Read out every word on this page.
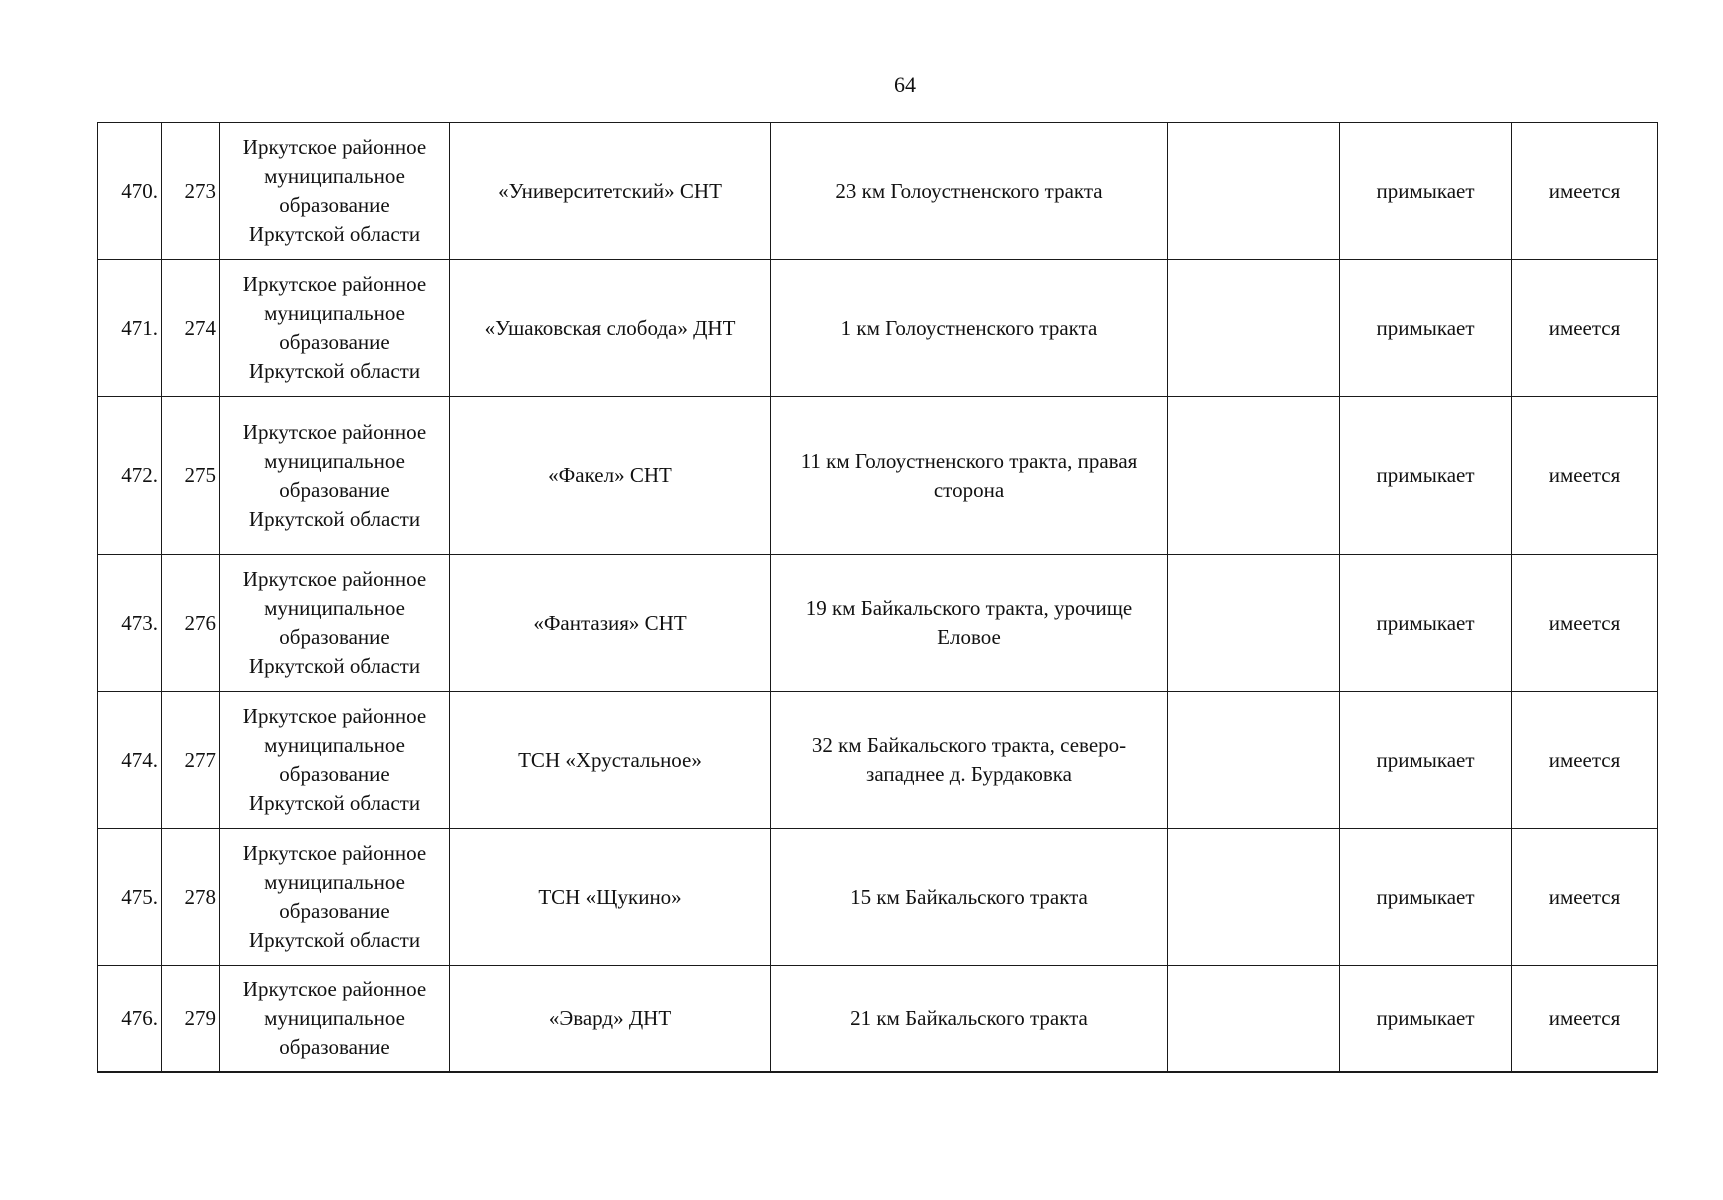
64
470.	273	Иркутское районное
муниципальное
образование
Иркутской области	«Университетский» СНТ	23 км Голоустненского тракта		примыкает	имеется
471.	274	Иркутское районное
муниципальное
образование
Иркутской области	«Ушаковская слобода» ДНТ	1 км Голоустненского тракта		примыкает	имеется
472.	275	Иркутское районное
муниципальное
образование
Иркутской области	«Факел» СНТ	11 км Голоустненского тракта, правая сторона		примыкает	имеется
473.	276	Иркутское районное
муниципальное
образование
Иркутской области	«Фантазия» СНТ	19 км Байкальского тракта, урочище Еловое		примыкает	имеется
474.	277	Иркутское районное
муниципальное
образование
Иркутской области	ТСН «Хрустальное»	32 км Байкальского тракта, северо-западнее д. Бурдаковка		примыкает	имеется
475.	278	Иркутское районное
муниципальное
образование
Иркутской области	ТСН «Щукино»	15 км Байкальского тракта		примыкает	имеется
476.	279	Иркутское районное
муниципальное
образование	«Эвард» ДНТ	21 км Байкальского тракта		примыкает	имеется
